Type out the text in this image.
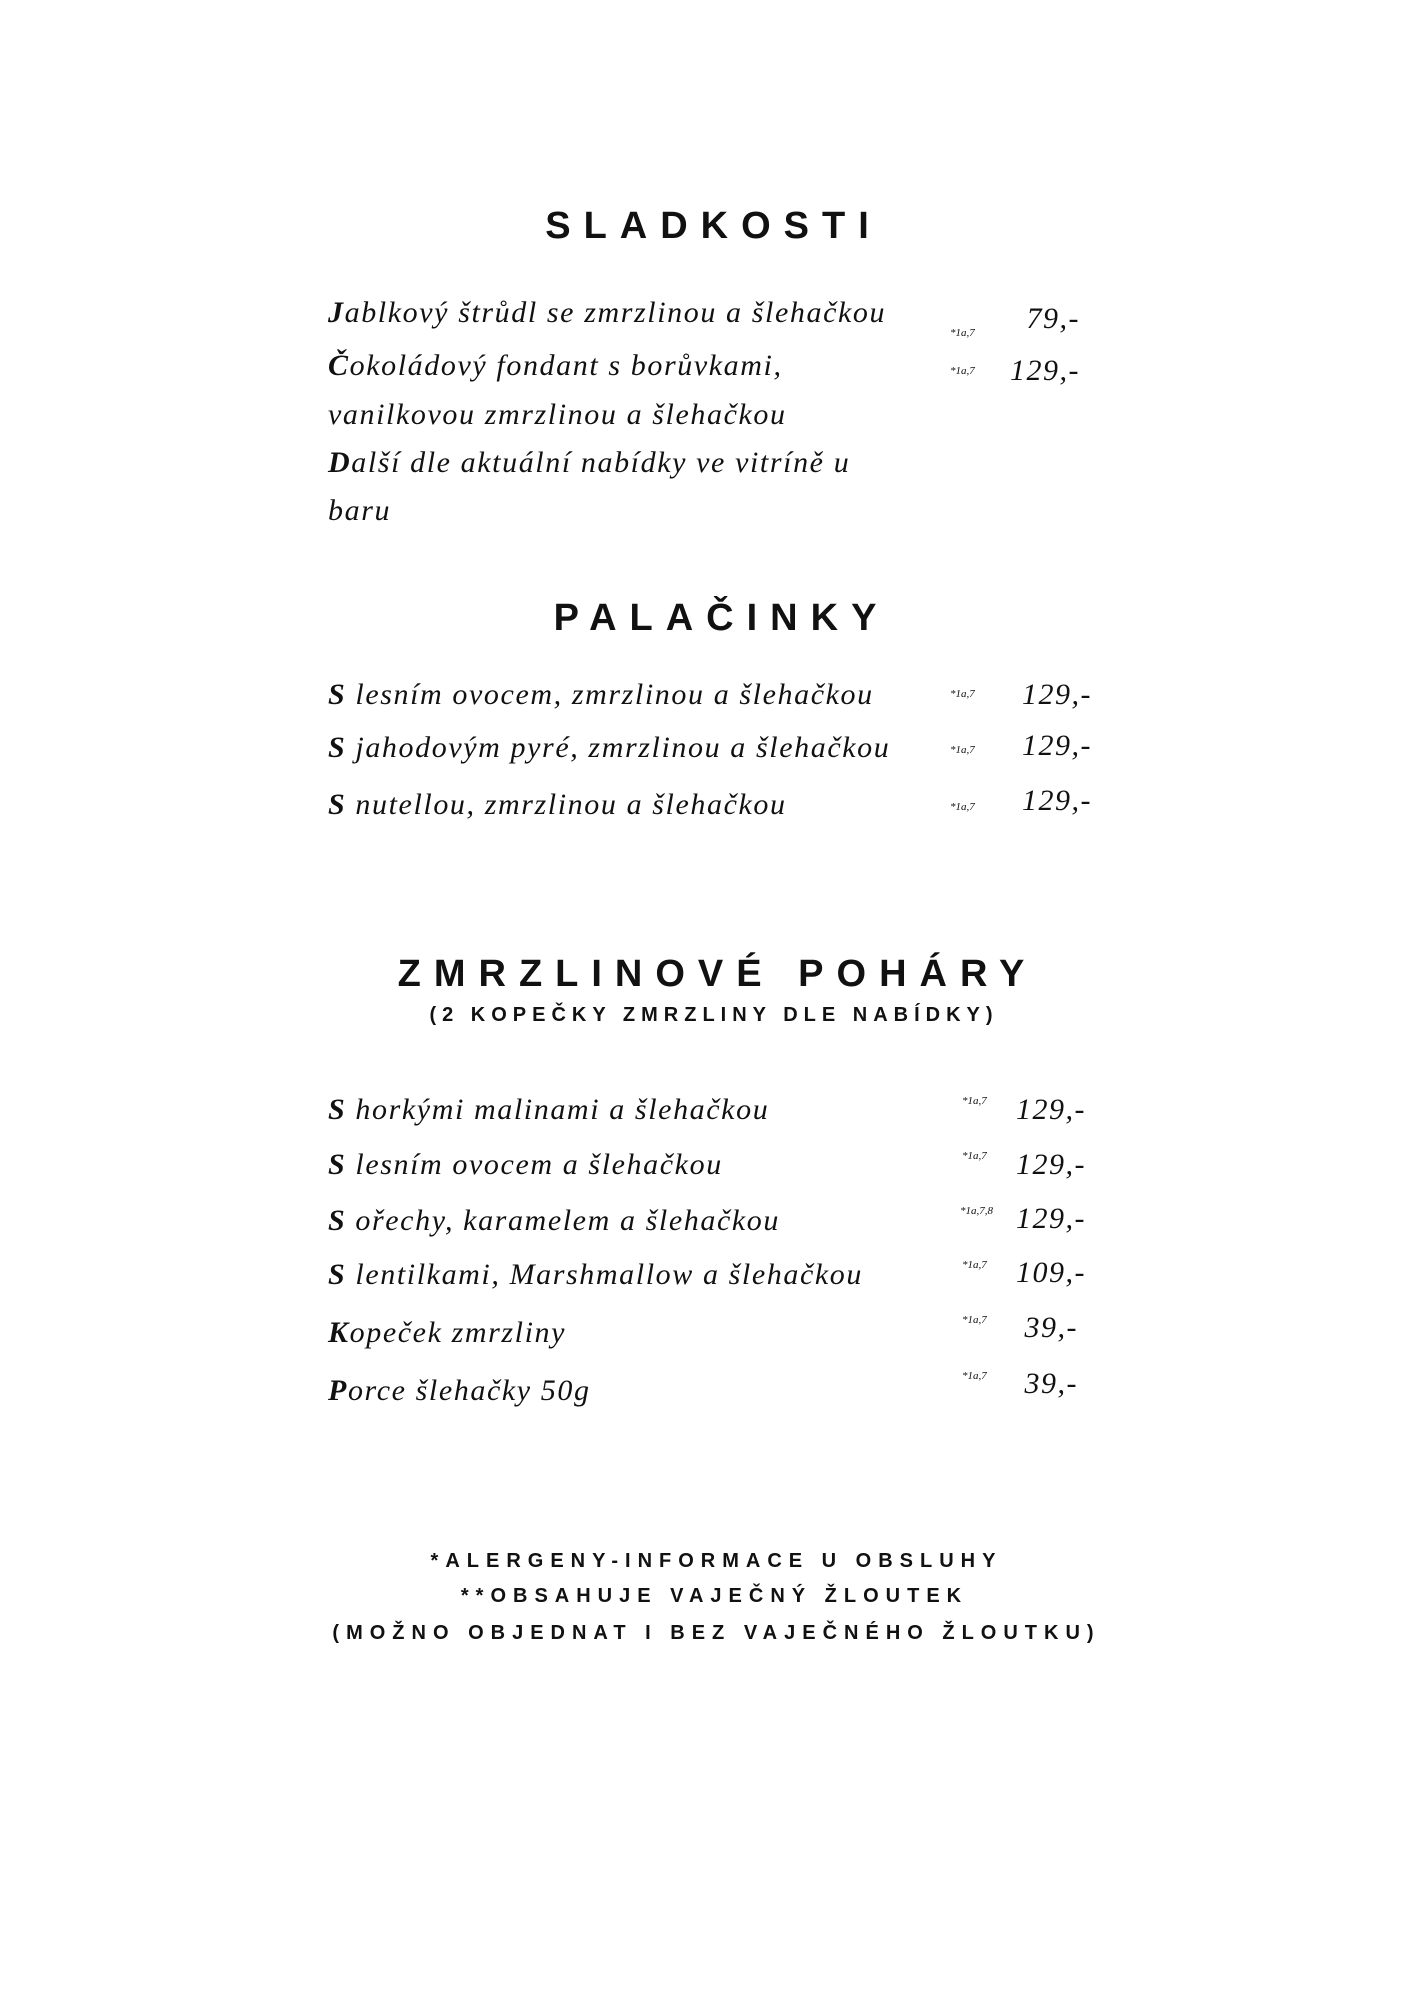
SLADKOSTI
Jablkový štrůdl se zmrzlinou a šlehačkou
*1a,7	79,-
Čokoládový fondant s borůvkami,
vanilkovou zmrzlinou a šlehačkou
*1a,7	129,-
Další dle aktuální nabídky ve vitríně u
baru
PALAČINKY
S lesním ovocem, zmrzlinou a šlehačkou	*1a,7	129,-
S jahodovým pyré, zmrzlinou a šlehačkou	*1a,7	129,-
S nutellou, zmrzlinou a šlehačkou	*1a,7	129,-
ZMRZLINOVÉ POHÁRY
(2 KOPEČKY ZMRZLINY DLE NABÍDKY)
S horkými malinami a šlehačkou	*1a,7 129,-
S lesním ovocem a šlehačkou	*1a,7 129,-
S ořechy, karamelem a šlehačkou	*1a,7,8 129,-
S lentilkami, Marshmallow a šlehačkou	*1a,7 109,-
Kopeček zmrzliny	*1a,7	39,-
Porce šlehačky 50g	*1a,7	39,-
*ALERGENY-INFORMACE U OBSLUHY
**OBSAHUJE VAJEČNÝ ŽLOUTEK
(MOŽNO OBJEDNAT I BEZ VAJEČNÉHO ŽLOUTKU)
